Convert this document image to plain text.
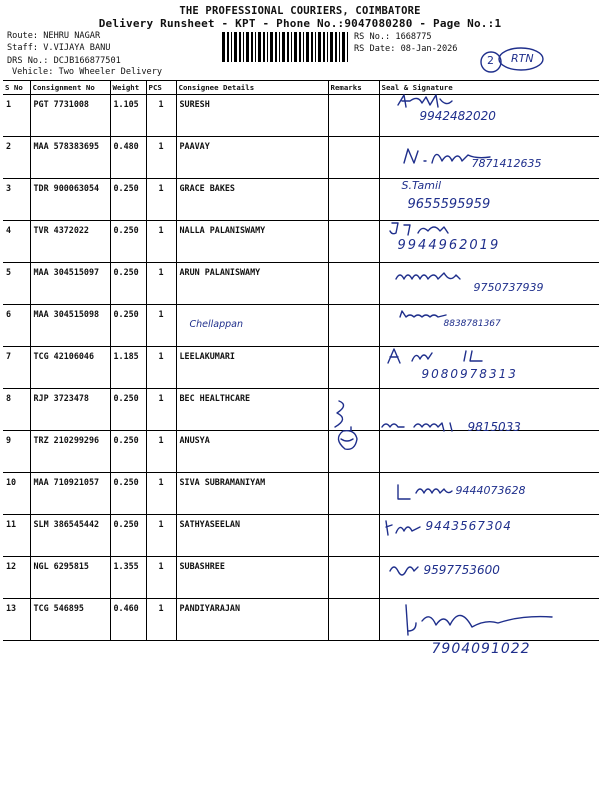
THE PROFESSIONAL COURIERS, COIMBATORE
Delivery Runsheet - KPT - Phone No.:9047080280 - Page No.:1
Route: NEHRU NAGAR
Staff: V.VIJAYA BANU
DRS No.: DCJB166877501
Vehicle: Two Wheeler Delivery
RS No.: 1668775
RS Date: 08-Jan-2026
2 RTN
S No	Consignment No	Weight	PCS	Consignee Details	Remarks	Seal & Signature
1	PGT 7731008	1.105	1	SURESH		9942482020

2	MAA 578383695	0.480	1	PAAVAY		7871412635

3	TDR 900063054	0.250	1	GRACE BAKES		S.Tamil
9655595959

4	TVR 4372022	0.250	1	NALLA PALANISWAMY		9944962019

5	MAA 304515097	0.250	1	ARUN PALANISWAMY		9750737939

6	MAA 304515098	0.250	1	Chellappan		8838781367

7	TCG 42106046	1.185	1	LEELAKUMARI		9080978313

8	RJP 3723478	0.250	1	BEC HEALTHCARE	

9	TRZ 210299296	0.250	1	ANUSYA		9815033

10	MAA 710921057	0.250	1	SIVA SUBRAMANIYAM		9444073628

11	SLM 386545442	0.250	1	SATHYASEELAN		9443567304

12	NGL 6295815	1.355	1	SUBASHREE		9597753600

13	TCG 546895	0.460	1	PANDIYARAJAN		7904091022
